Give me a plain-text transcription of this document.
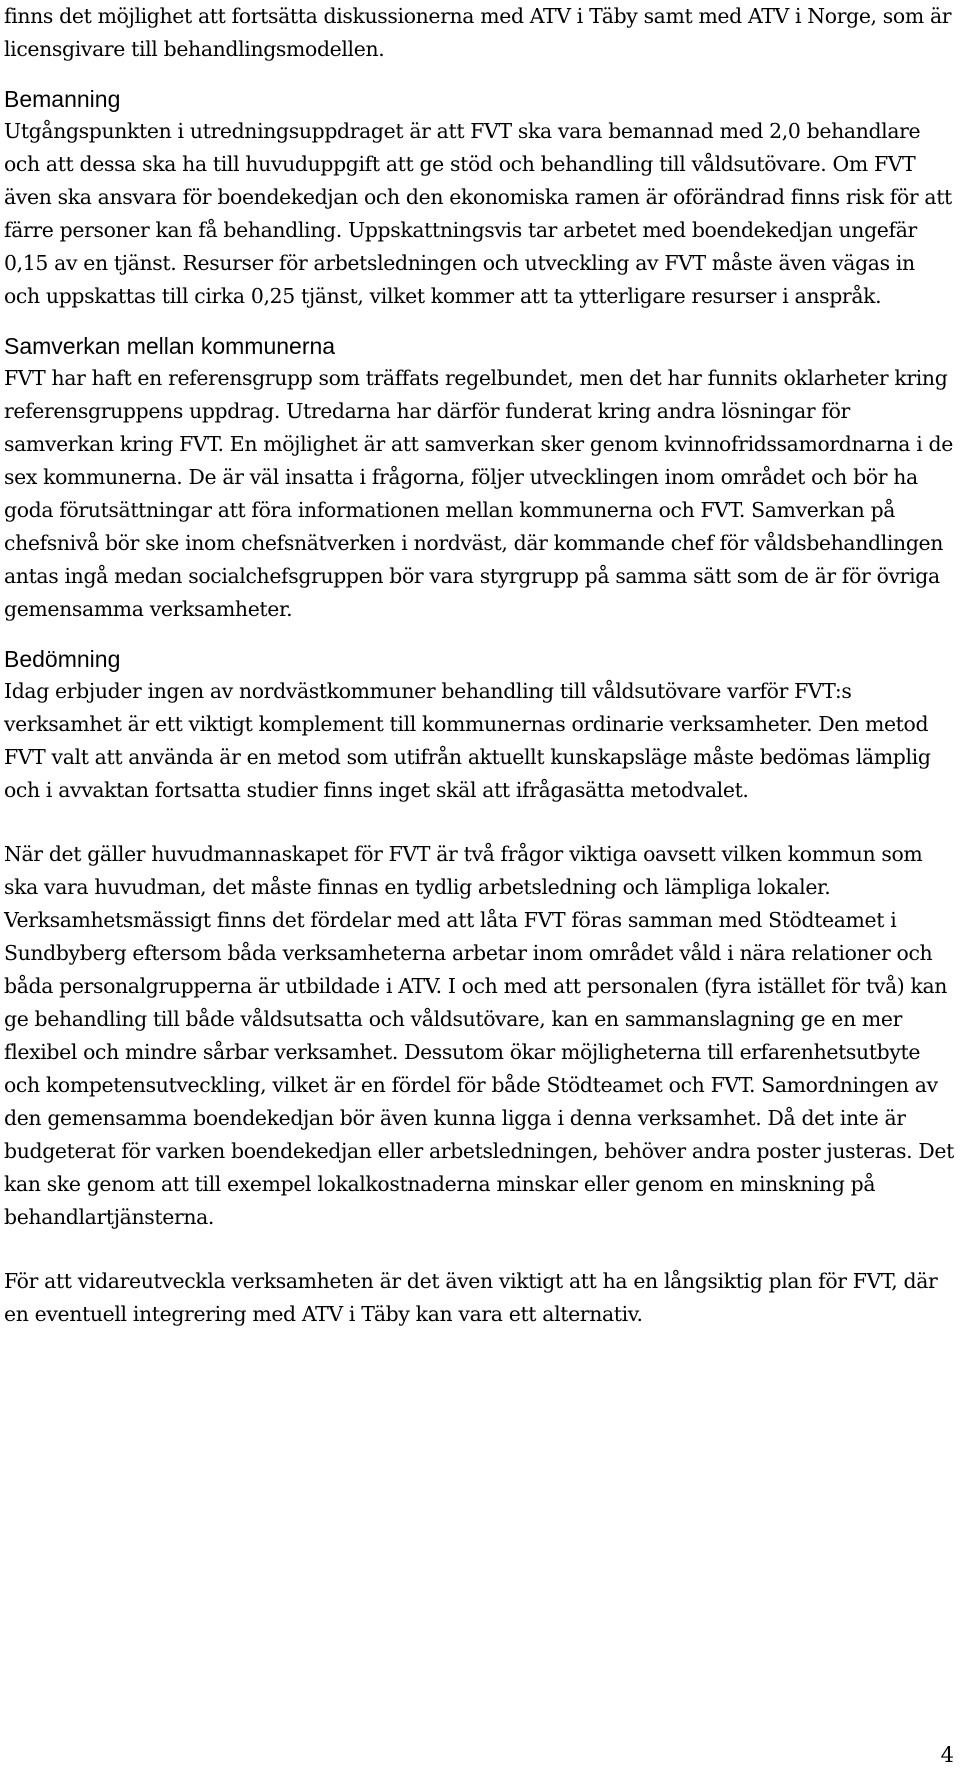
finns det möjlighet att fortsätta diskussionerna med ATV i Täby samt med ATV i Norge, som är licensgivare till behandlingsmodellen.

Bemanning

Utgångspunkten i utredningsuppdraget är att FVT ska vara bemannad med 2,0 behandlare och att dessa ska ha till huvuduppgift att ge stöd och behandling till våldsutövare. Om FVT även ska ansvara för boendekedjan och den ekonomiska ramen är oförändrad finns risk för att färre personer kan få behandling. Uppskattningsvis tar arbetet med boendekedjan ungefär 0,15 av en tjänst. Resurser för arbetsledningen och utveckling av FVT måste även vägas in och uppskattas till cirka 0,25 tjänst, vilket kommer att ta ytterligare resurser i anspråk.

Samverkan mellan kommunerna

FVT har haft en referensgrupp som träffats regelbundet, men det har funnits oklarheter kring referensgruppens uppdrag. Utredarna har därför funderat kring andra lösningar för samverkan kring FVT. En möjlighet är att samverkan sker genom kvinnofridssamordnarna i de sex kommunerna. De är väl insatta i frågorna, följer utvecklingen inom området och bör ha goda förutsättningar att föra informationen mellan kommunerna och FVT. Samverkan på chefsnivå bör ske inom chefsnätverken i nordväst, där kommande chef för våldsbehandlingen antas ingå medan socialchefsgruppen bör vara styrgrupp på samma sätt som de är för övriga gemensamma verksamheter.

Bedömning

Idag erbjuder ingen av nordvästkommuner behandling till våldsutövare varför FVT:s verksamhet är ett viktigt komplement till kommunernas ordinarie verksamheter. Den metod FVT valt att använda är en metod som utifrån aktuellt kunskapsläge måste bedömas lämplig och i avvaktan fortsatta studier finns inget skäl att ifrågasätta metodvalet.

När det gäller huvudmannaskapet för FVT är två frågor viktiga oavsett vilken kommun som ska vara huvudman, det måste finnas en tydlig arbetsledning och lämpliga lokaler. Verksamhetsmässigt finns det fördelar med att låta FVT föras samman med Stödteamet i Sundbyberg eftersom båda verksamheterna arbetar inom området våld i nära relationer och båda personalgrupperna är utbildade i ATV. I och med att personalen (fyra istället för två) kan ge behandling till både våldsutsatta och våldsutövare, kan en sammanslagning ge en mer flexibel och mindre sårbar verksamhet. Dessutom ökar möjligheterna till erfarenhetsutbyte och kompetensutveckling, vilket är en fördel för både Stödteamet och FVT. Samordningen av den gemensamma boendekedjan bör även kunna ligga i denna verksamhet. Då det inte är budgeterat för varken boendekedjan eller arbetsledningen, behöver andra poster justeras. Det kan ske genom att till exempel lokalkostnaderna minskar eller genom en minskning på behandlartjänsterna.

För att vidareutveckla verksamheten är det även viktigt att ha en långsiktig plan för FVT, där en eventuell integrering med ATV i Täby kan vara ett alternativ.

4
